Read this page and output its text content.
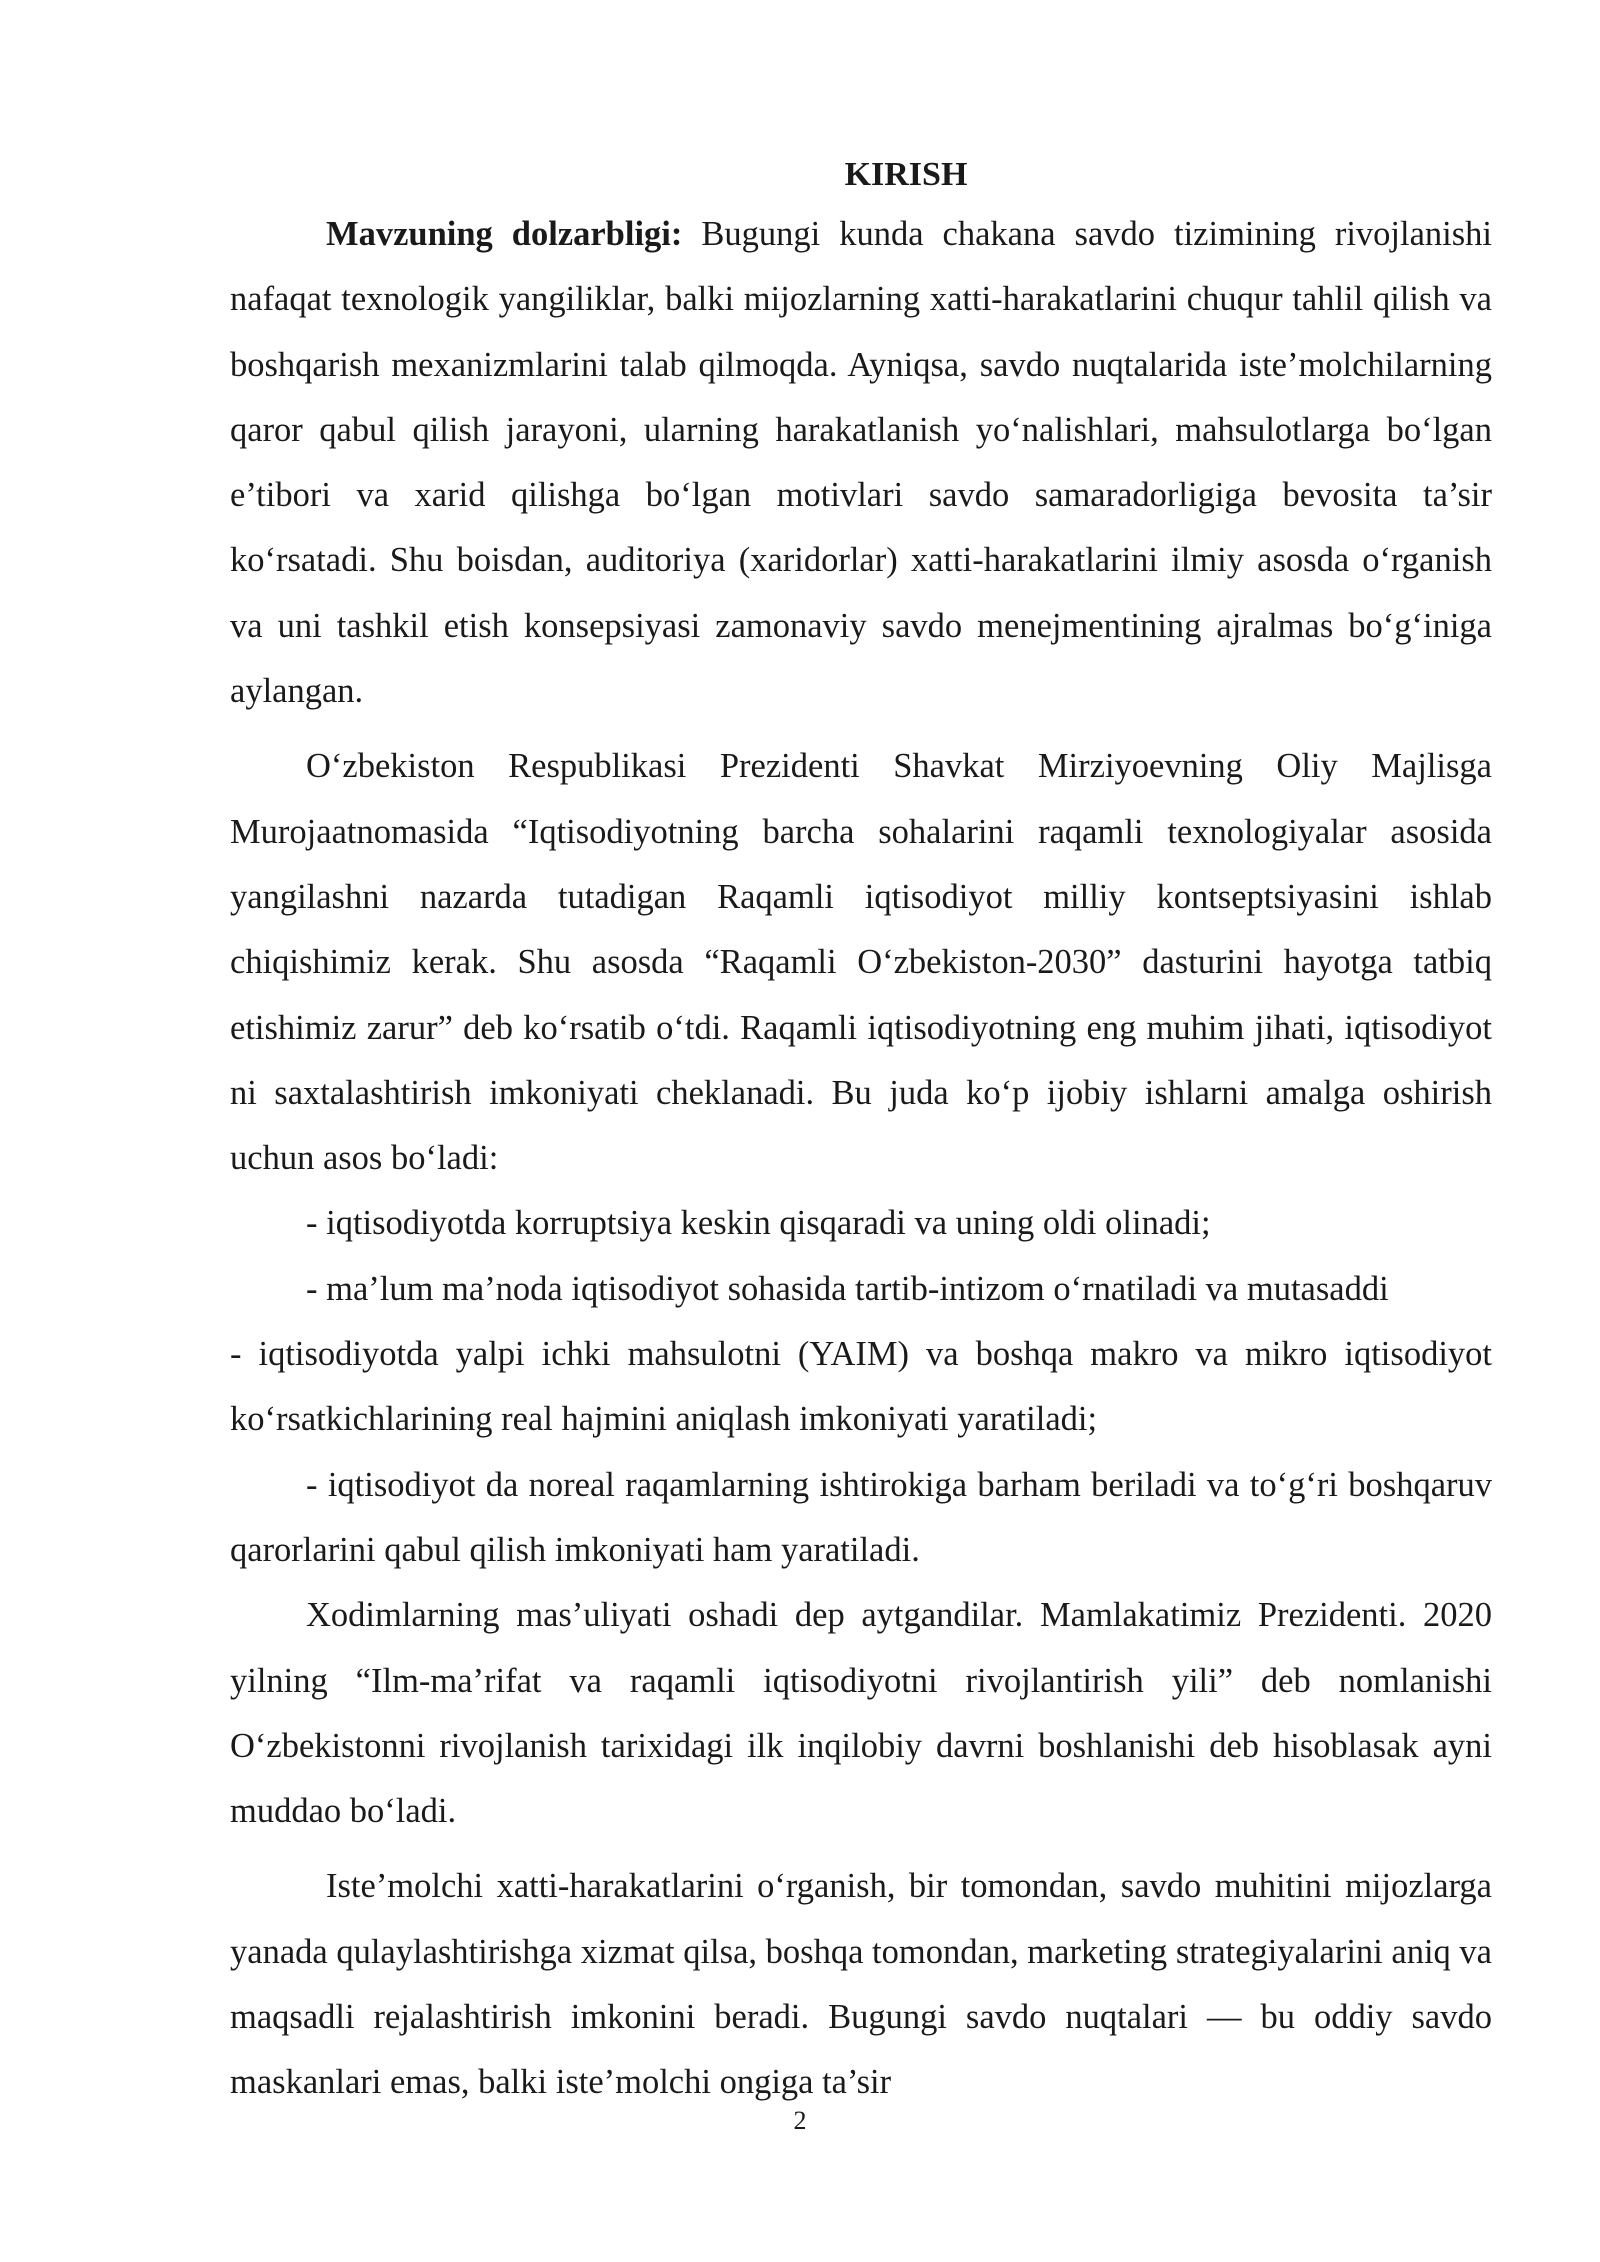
KIRISH

Mavzuning dolzarbligi: Bugungi kunda chakana savdo tizimining rivojlanishi nafaqat texnologik yangiliklar, balki mijozlarning xatti-harakatlarini chuqur tahlil qilish va boshqarish mexanizmlarini talab qilmoqda. Ayniqsa, savdo nuqtalarida iste’molchilarning qaror qabul qilish jarayoni, ularning harakatlanish yo‘nalishlari, mahsulotlarga bo‘lgan e’tibori va xarid qilishga bo‘lgan motivlari savdo samaradorligiga bevosita ta’sir ko‘rsatadi. Shu boisdan, auditoriya (xaridorlar) xatti-harakatlarini ilmiy asosda o‘rganish va uni tashkil etish konsepsiyasi zamonaviy savdo menejmentining ajralmas bo‘g‘iniga aylangan.

O‘zbekiston Respublikasi Prezidenti Shavkat Mirziyoevning Oliy Majlisga Murojaatnomasida “Iqtisodiyotning barcha sohalarini raqamli texnologiyalar asosida yangilashni nazarda tutadigan Raqamli iqtisodiyot milliy kontseptsiyasini ishlab chiqishimiz kerak. Shu asosda “Raqamli O‘zbekiston-2030” dasturini hayotga tatbiq etishimiz zarur” deb ko‘rsatib o‘tdi. Raqamli iqtisodiyotning eng muhim jihati, iqtisodiyot ni saxtalashtirish imkoniyati cheklanadi. Bu juda ko‘p ijobiy ishlarni amalga oshirish uchun asos bo‘ladi:

- iqtisodiyotda korruptsiya keskin qisqaradi va uning oldi olinadi;

- ma’lum ma’noda iqtisodiyot sohasida tartib-intizom o‘rnatiladi va mutasaddi

- iqtisodiyotda yalpi ichki mahsulotni (YAIM) va boshqa makro va mikro iqtisodiyot ko‘rsatkichlarining real hajmini aniqlash imkoniyati yaratiladi;

- iqtisodiyot da noreal raqamlarning ishtirokiga barham beriladi va to‘g‘ri boshqaruv qarorlarini qabul qilish imkoniyati ham yaratiladi.

Xodimlarning mas’uliyati oshadi dep aytgandilar. Mamlakatimiz Prezidenti. 2020 yilning “Ilm-ma’rifat va raqamli iqtisodiyotni rivojlantirish yili” deb nomlanishi O‘zbekistonni rivojlanish tarixidagi ilk inqilobiy davrni boshlanishi deb hisoblasak ayni muddao bo‘ladi.

Iste’molchi xatti-harakatlarini o‘rganish, bir tomondan, savdo muhitini mijozlarga yanada qulaylashtirishga xizmat qilsa, boshqa tomondan, marketing strategiyalarini aniq va maqsadli rejalashtirish imkonini beradi. Bugungi savdo nuqtalari — bu oddiy savdo maskanlari emas, balki iste’molchi ongiga ta’sir

2
